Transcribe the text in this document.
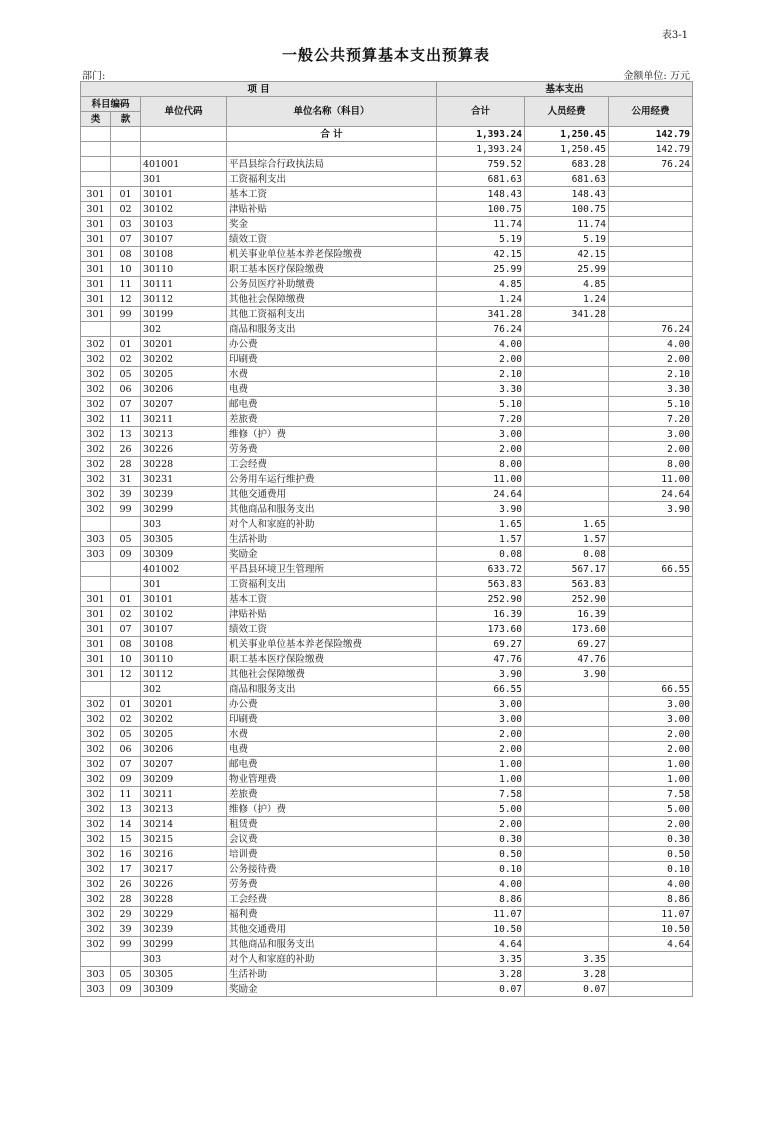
表3-1
一般公共预算基本支出预算表
部门:	金额单位: 万元
项 目				基本支出		
科目编码		单位代码	单位名称（科目）	合计	人员经费	公用经费
类	款					
			合 计	1,393.24	1,250.45	142.79
				1,393.24	1,250.45	142.79
		401001	平昌县综合行政执法局	759.52	683.28	76.24
		301	工资福利支出	681.63	681.63	
301	01	30101	基本工资	148.43	148.43	
301	02	30102	津贴补贴	100.75	100.75	
301	03	30103	奖金	11.74	11.74	
301	07	30107	绩效工资	5.19	5.19	
301	08	30108	机关事业单位基本养老保险缴费	42.15	42.15	
301	10	30110	职工基本医疗保险缴费	25.99	25.99	
301	11	30111	公务员医疗补助缴费	4.85	4.85	
301	12	30112	其他社会保障缴费	1.24	1.24	
301	99	30199	其他工资福利支出	341.28	341.28	
		302	商品和服务支出	76.24		76.24
302	01	30201	办公费	4.00		4.00
302	02	30202	印刷费	2.00		2.00
302	05	30205	水费	2.10		2.10
302	06	30206	电费	3.30		3.30
302	07	30207	邮电费	5.10		5.10
302	11	30211	差旅费	7.20		7.20
302	13	30213	维修（护）费	3.00		3.00
302	26	30226	劳务费	2.00		2.00
302	28	30228	工会经费	8.00		8.00
302	31	30231	公务用车运行维护费	11.00		11.00
302	39	30239	其他交通费用	24.64		24.64
302	99	30299	其他商品和服务支出	3.90		3.90
		303	对个人和家庭的补助	1.65	1.65	
303	05	30305	生活补助	1.57	1.57	
303	09	30309	奖励金	0.08	0.08	
		401002	平昌县环境卫生管理所	633.72	567.17	66.55
		301	工资福利支出	563.83	563.83	
301	01	30101	基本工资	252.90	252.90	
301	02	30102	津贴补贴	16.39	16.39	
301	07	30107	绩效工资	173.60	173.60	
301	08	30108	机关事业单位基本养老保险缴费	69.27	69.27	
301	10	30110	职工基本医疗保险缴费	47.76	47.76	
301	12	30112	其他社会保障缴费	3.90	3.90	
		302	商品和服务支出	66.55		66.55
302	01	30201	办公费	3.00		3.00
302	02	30202	印刷费	3.00		3.00
302	05	30205	水费	2.00		2.00
302	06	30206	电费	2.00		2.00
302	07	30207	邮电费	1.00		1.00
302	09	30209	物业管理费	1.00		1.00
302	11	30211	差旅费	7.58		7.58
302	13	30213	维修（护）费	5.00		5.00
302	14	30214	租赁费	2.00		2.00
302	15	30215	会议费	0.30		0.30
302	16	30216	培训费	0.50		0.50
302	17	30217	公务接待费	0.10		0.10
302	26	30226	劳务费	4.00		4.00
302	28	30228	工会经费	8.86		8.86
302	29	30229	福利费	11.07		11.07
302	39	30239	其他交通费用	10.50		10.50
302	99	30299	其他商品和服务支出	4.64		4.64
		303	对个人和家庭的补助	3.35	3.35	
303	05	30305	生活补助	3.28	3.28	
303	09	30309	奖励金	0.07	0.07	
